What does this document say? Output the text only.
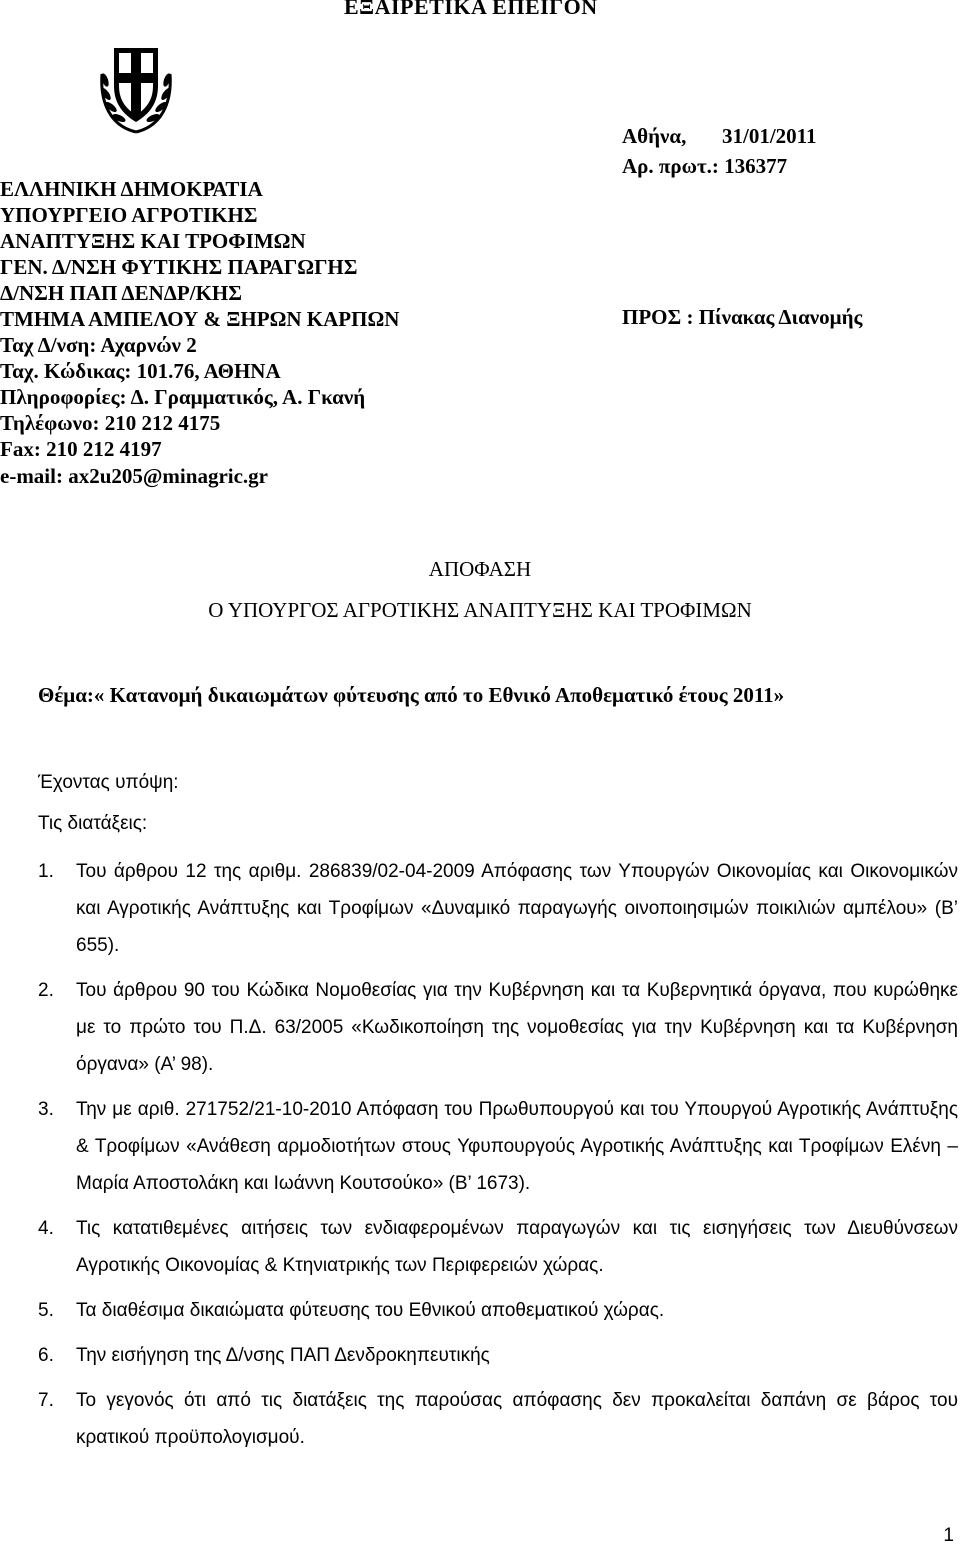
ΕΞΑΙΡΕΤΙΚΑ ΕΠΕΙΓΟΝ
ΕΛΛΗΝΙΚΗ ΔΗΜΟΚΡΑΤΙΑ
ΥΠΟΥΡΓΕΙΟ ΑΓΡΟΤΙΚΗΣ
ΑΝΑΠΤΥΞΗΣ ΚΑΙ ΤΡΟΦΙΜΩΝ
ΓΕΝ. Δ/ΝΣΗ ΦΥΤΙΚΗΣ ΠΑΡΑΓΩΓΗΣ
Δ/ΝΣΗ ΠΑΠ ΔΕΝΔΡ/ΚΗΣ
ΤΜΗΜΑ ΑΜΠΕΛΟΥ & ΞΗΡΩΝ ΚΑΡΠΩΝ
Ταχ Δ/νση: Αχαρνών 2
Ταχ. Κώδικας: 101.76, ΑΘΗΝΑ
Πληροφορίες: Δ. Γραμματικός, Α. Γκανή
Τηλέφωνο: 210 212 4175
Fax: 210 212 4197
e-mail: ax2u205@minagric.gr
Αθήνα, 31/01/2011
Αρ. πρωτ.: 136377
ΠΡΟΣ : Πίνακας Διανομής
ΑΠΟΦΑΣΗ
Ο ΥΠΟΥΡΓΟΣ ΑΓΡΟΤΙΚΗΣ ΑΝΑΠΤΥΞΗΣ ΚΑΙ ΤΡΟΦΙΜΩΝ
Θέμα:« Κατανομή δικαιωμάτων φύτευσης από το Εθνικό Αποθεματικό έτους 2011»
Έχοντας υπόψη:
Τις διατάξεις:
1. Του άρθρου 12 της αριθμ. 286839/02-04-2009 Απόφασης των Υπουργών Οικονομίας και Οικονομικών και Αγροτικής Ανάπτυξης και Τροφίμων «Δυναμικό παραγωγής οινοποιησιμών ποικιλιών αμπέλου» (Β’ 655).
2. Του άρθρου 90 του Κώδικα Νομοθεσίας για την Κυβέρνηση και τα Κυβερνητικά όργανα, που κυρώθηκε με το πρώτο του Π.Δ. 63/2005 «Κωδικοποίηση της νομοθεσίας για την Κυβέρνηση και τα Κυβέρνηση όργανα» (Α’ 98).
3. Την με αριθ. 271752/21-10-2010 Απόφαση του Πρωθυπουργού και του Υπουργού Αγροτικής Ανάπτυξης & Τροφίμων «Ανάθεση αρμοδιοτήτων στους Υφυπουργούς Αγροτικής Ανάπτυξης και Τροφίμων Ελένη – Μαρία Αποστολάκη και Ιωάννη Κουτσούκο» (Β’ 1673).
4. Τις κατατιθεμένες αιτήσεις των ενδιαφερομένων παραγωγών και τις εισηγήσεις των Διευθύνσεων Αγροτικής Οικονομίας & Κτηνιατρικής των Περιφερειών χώρας.
5. Τα διαθέσιμα δικαιώματα φύτευσης του Εθνικού αποθεματικού χώρας.
6. Την εισήγηση της Δ/νσης ΠΑΠ Δενδροκηπευτικής
7. Το γεγονός ότι από τις διατάξεις της παρούσας απόφασης δεν προκαλείται δαπάνη σε βάρος του κρατικού προϋπολογισμού.
1
